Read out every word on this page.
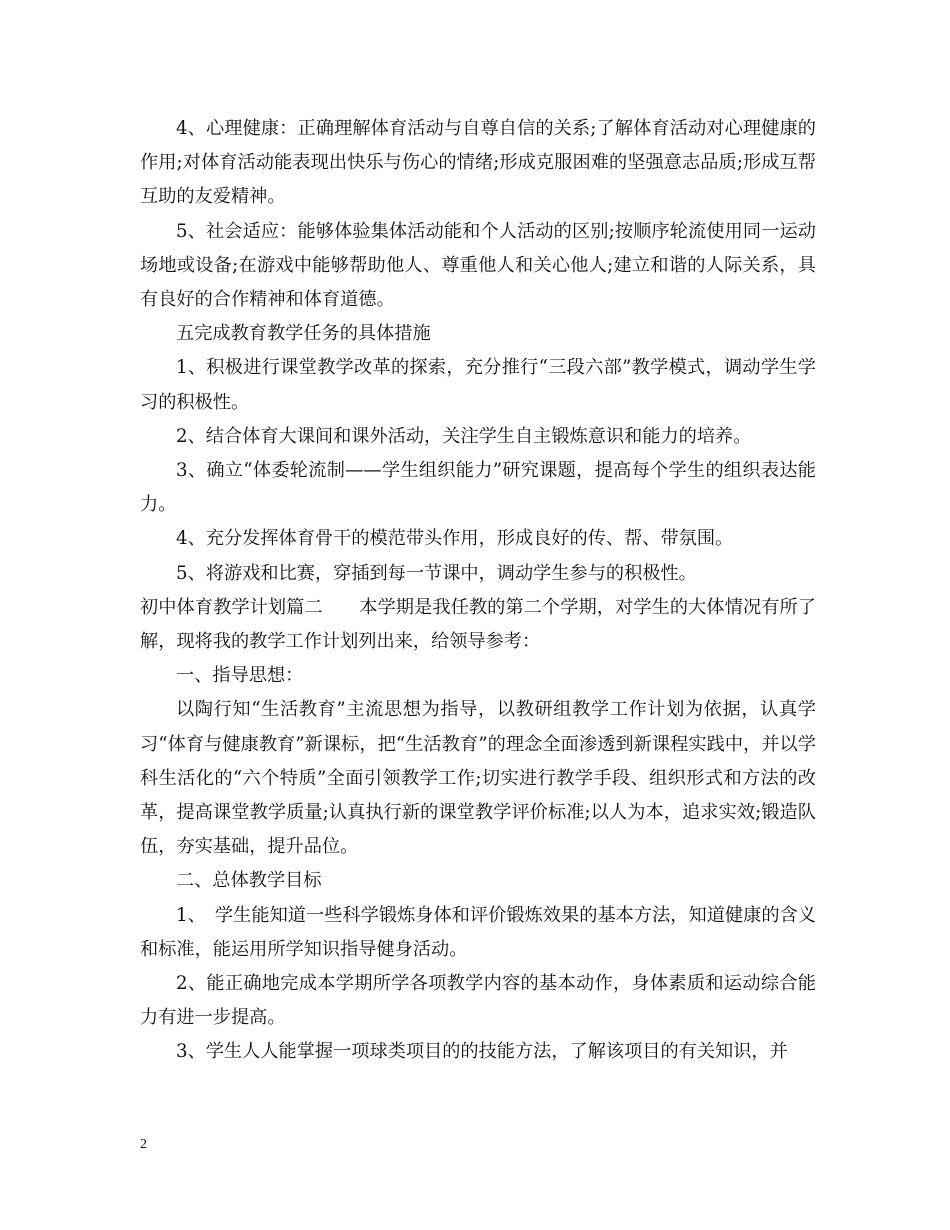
4、心理健康：正确理解体育活动与自尊自信的关系;了解体育活动对心理健康的作用;对体育活动能表现出快乐与伤心的情绪;形成克服困难的坚强意志品质;形成互帮互助的友爱精神。

5、社会适应：能够体验集体活动能和个人活动的区别;按顺序轮流使用同一运动场地或设备;在游戏中能够帮助他人、尊重他人和关心他人;建立和谐的人际关系，具有良好的合作精神和体育道德。

五完成教育教学任务的具体措施

1、积极进行课堂教学改革的探索，充分推行“三段六部”教学模式，调动学生学习的积极性。

2、结合体育大课间和课外活动，关注学生自主锻炼意识和能力的培养。

3、确立“体委轮流制——学生组织能力”研究课题，提高每个学生的组织表达能力。

4、充分发挥体育骨干的模范带头作用，形成良好的传、帮、带氛围。

5、将游戏和比赛，穿插到每一节课中，调动学生参与的积极性。

初中体育教学计划篇二　　本学期是我任教的第二个学期，对学生的大体情况有所了解，现将我的教学工作计划列出来，给领导参考：

一、指导思想：

以陶行知“生活教育”主流思想为指导，以教研组教学工作计划为依据，认真学习“体育与健康教育”新课标，把“生活教育”的理念全面渗透到新课程实践中，并以学科生活化的“六个特质”全面引领教学工作;切实进行教学手段、组织形式和方法的改革，提高课堂教学质量;认真执行新的课堂教学评价标准;以人为本，追求实效;锻造队伍，夯实基础，提升品位。

二、总体教学目标

1、　学生能知道一些科学锻炼身体和评价锻炼效果的基本方法，知道健康的含义和标准，能运用所学知识指导健身活动。

2、能正确地完成本学期所学各项教学内容的基本动作，身体素质和运动综合能　力有进一步提高。

3、学生人人能掌握一项球类项目的的技能方法，了解该项目的有关知识，并

2
